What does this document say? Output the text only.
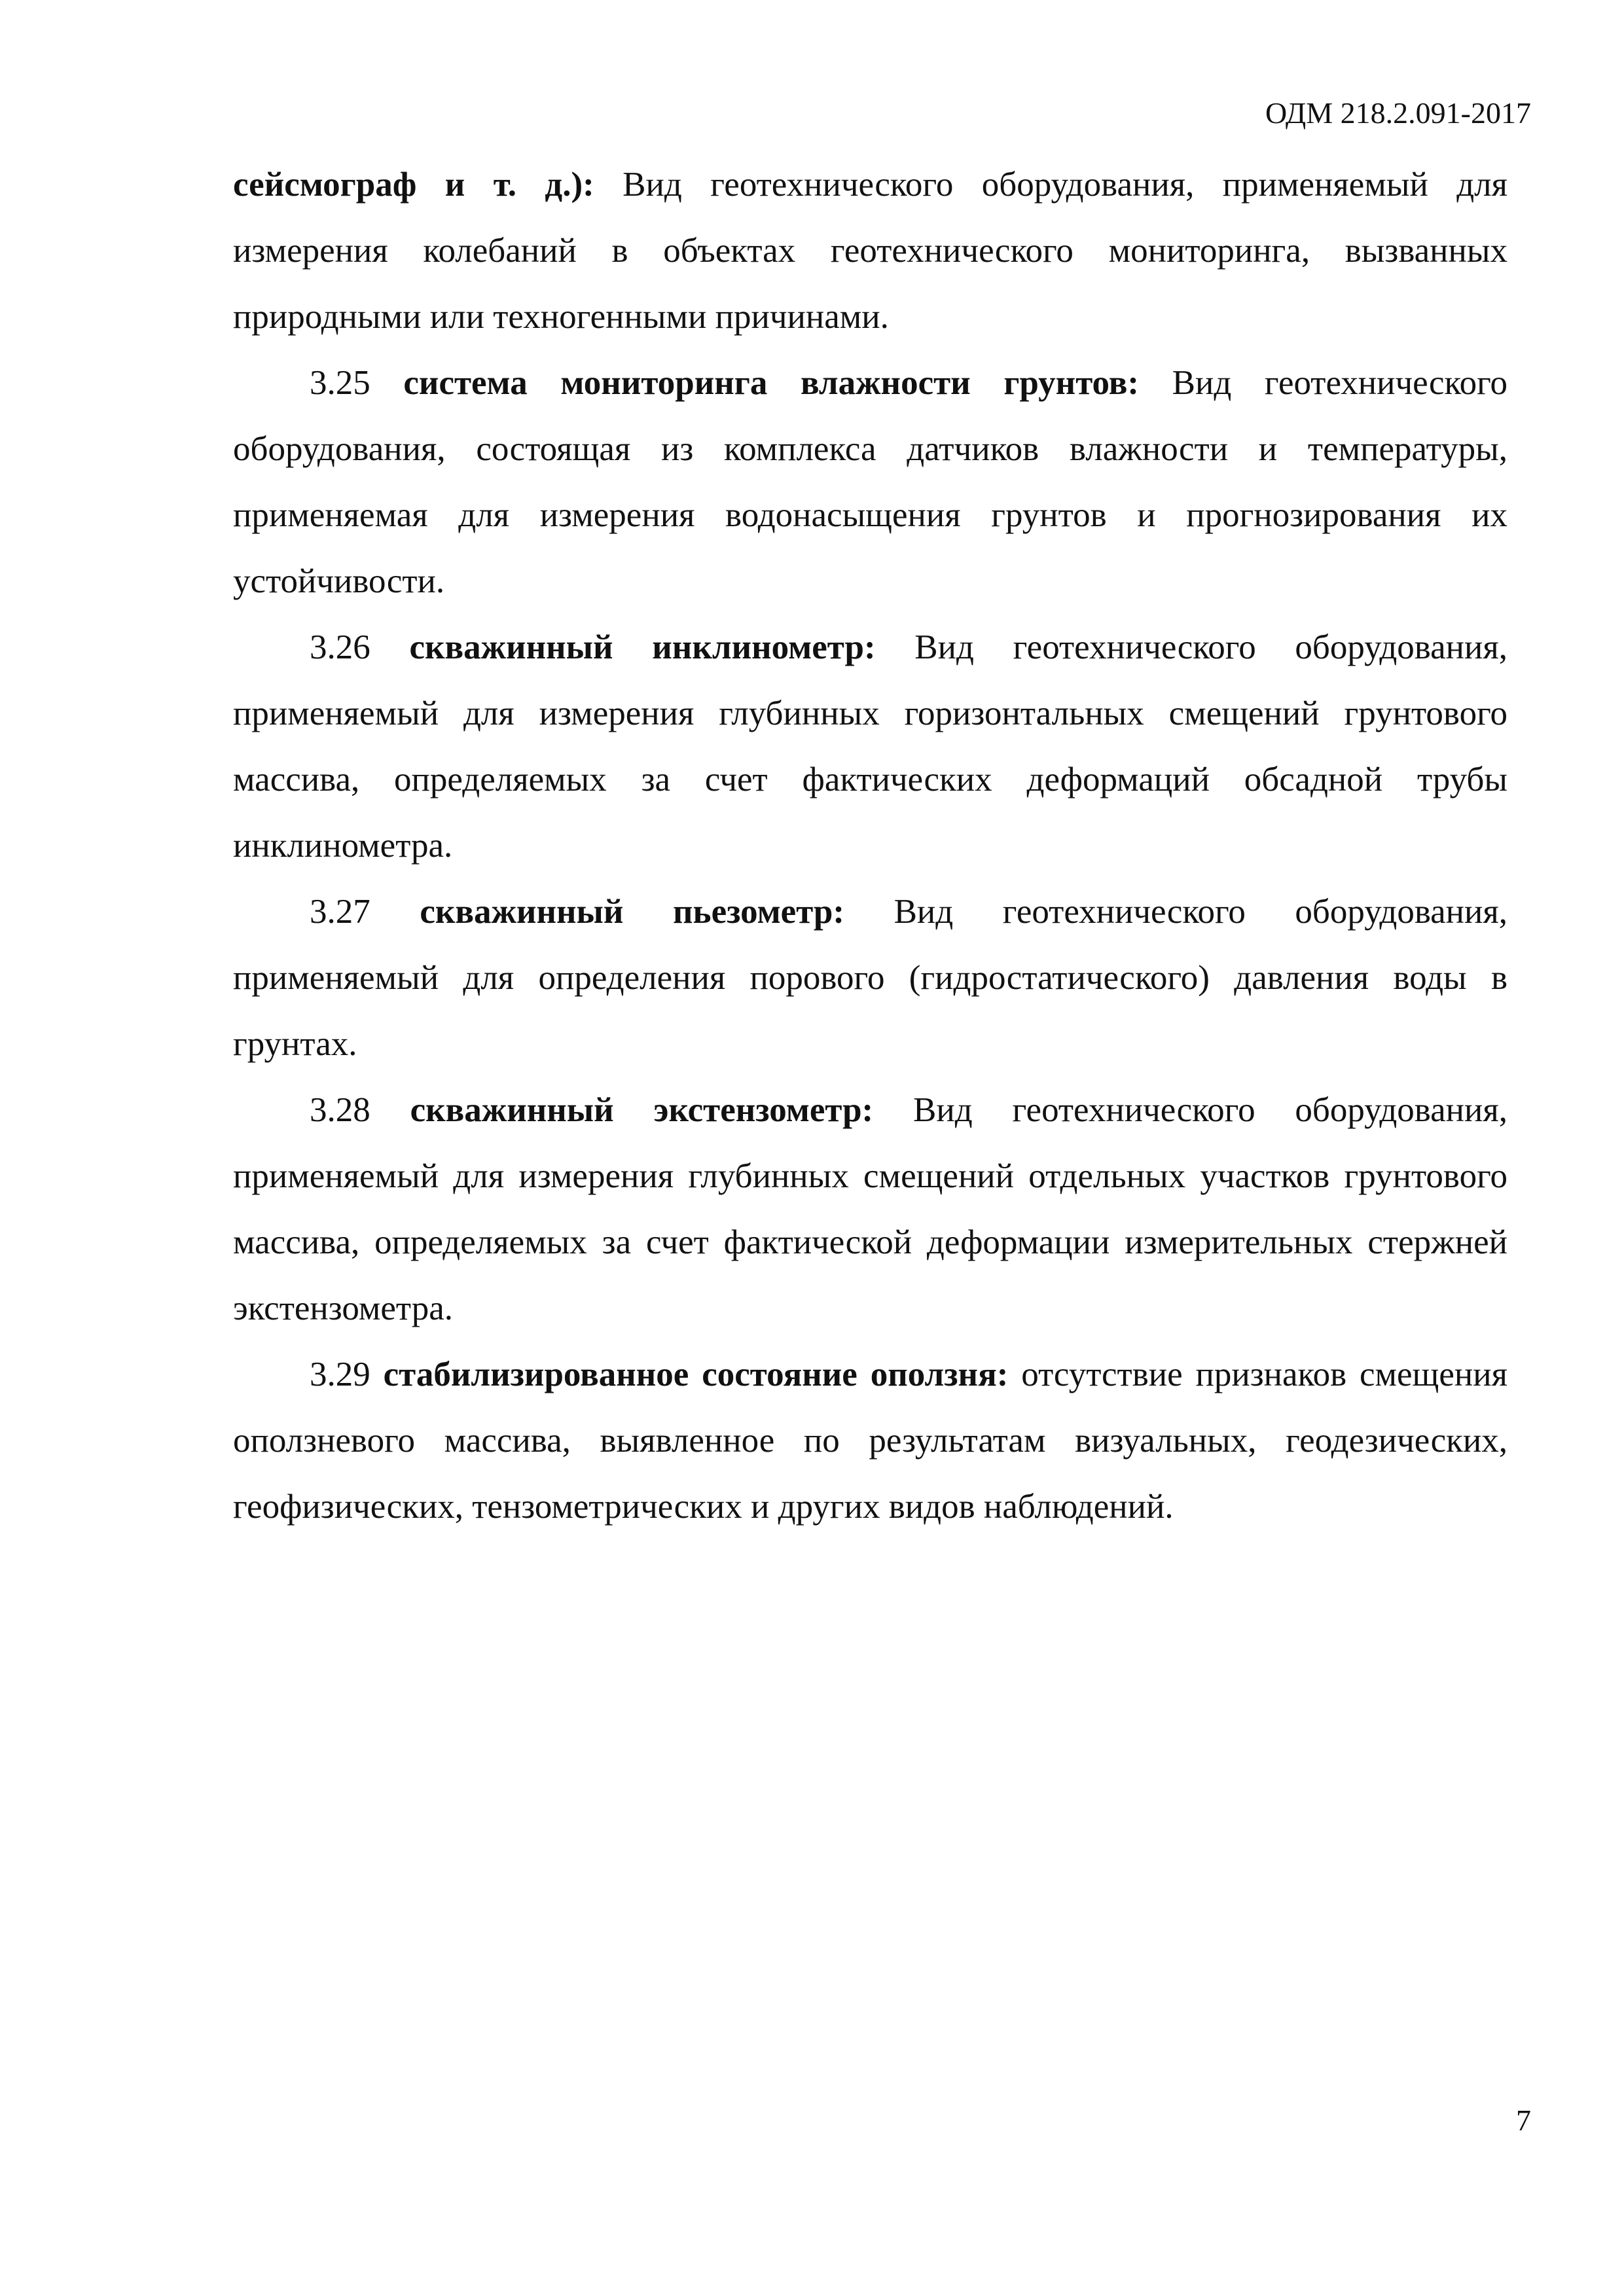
ОДМ 218.2.091-2017

сейсмограф и т. д.): Вид геотехнического оборудования, применяемый для измерения колебаний в объектах геотехнического мониторинга, вызванных природными или техногенными причинами.

3.25 система мониторинга влажности грунтов: Вид геотехнического оборудования, состоящая из комплекса датчиков влажности и температуры, применяемая для измерения водонасыщения грунтов и прогнозирования их устойчивости.

3.26 скважинный инклинометр: Вид геотехнического оборудования, применяемый для измерения глубинных горизонтальных смещений грунтового массива, определяемых за счет фактических деформаций обсадной трубы инклинометра.

3.27 скважинный пьезометр: Вид геотехнического оборудования, применяемый для определения порового (гидростатического) давления воды в грунтах.

3.28 скважинный экстензометр: Вид геотехнического оборудования, применяемый для измерения глубинных смещений отдельных участков грунтового массива, определяемых за счет фактической деформации измерительных стержней экстензометра.

3.29 стабилизированное состояние оползня: отсутствие признаков смещения оползневого массива, выявленное по результатам визуальных, геодезических, геофизических, тензометрических и других видов наблюдений.

7
